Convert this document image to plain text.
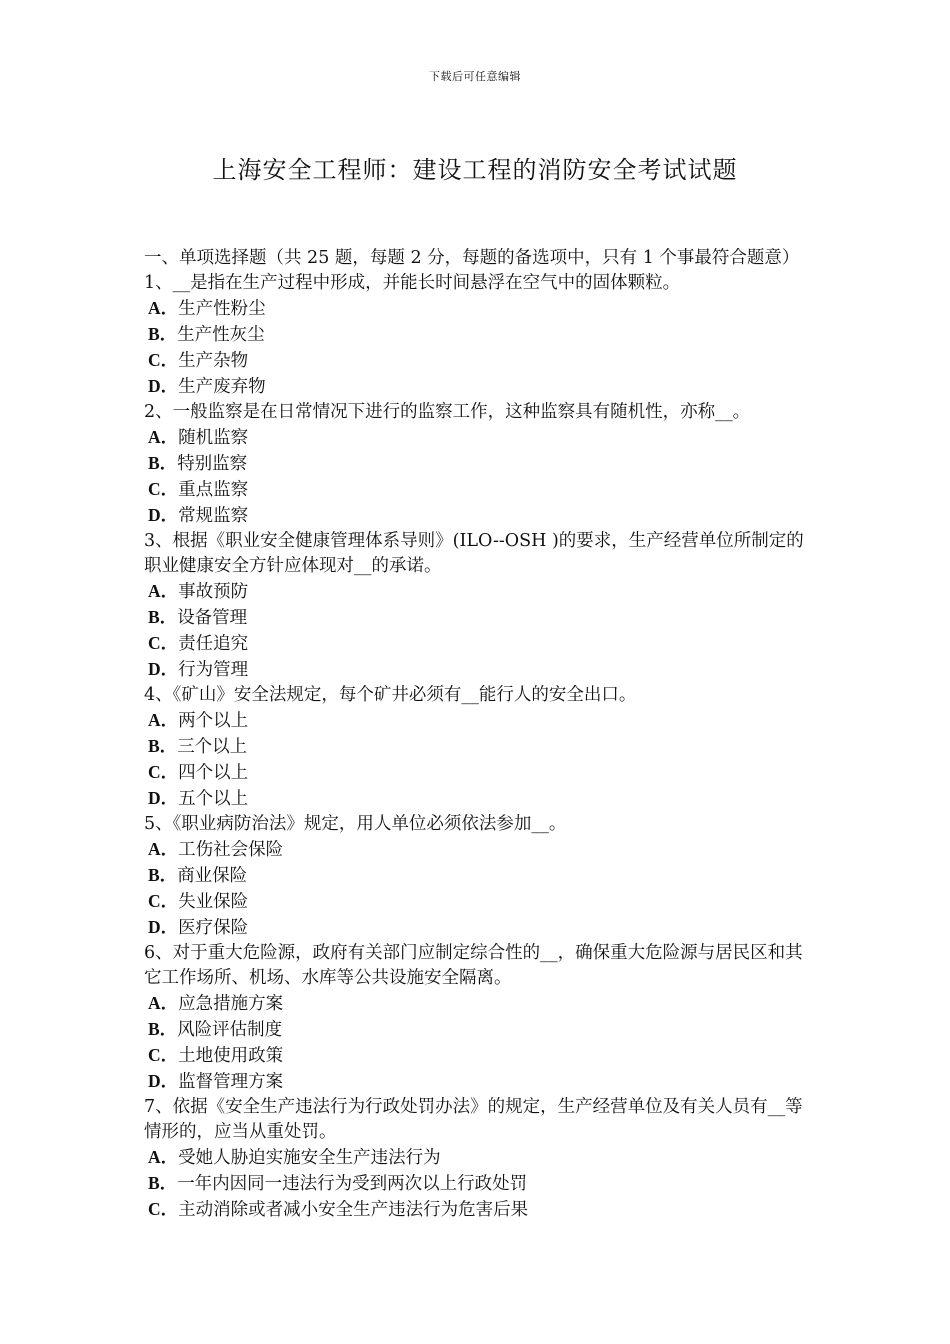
下载后可任意编辑
上海安全工程师：建设工程的消防安全考试试题

一、单项选择题（共 25 题，每题 2 分，每题的备选项中，只有 1 个事最符合题意）

1、__是指在生产过程中形成，并能长时间悬浮在空气中的固体颗粒。

A．生产性粉尘

B．生产性灰尘

C．生产杂物

D．生产废弃物

2、一般监察是在日常情况下进行的监察工作，这种监察具有随机性，亦称__。

A．随机监察

B．特别监察

C．重点监察

D．常规监察

3、根据《职业安全健康管理体系导则》(ILO--OSH )的要求，生产经营单位所制定的职业健康安全方针应体现对__的承诺。

A．事故预防

B．设备管理

C．责任追究

D．行为管理

4、《矿山》安全法规定，每个矿井必须有__能行人的安全出口。

A．两个以上

B．三个以上

C．四个以上

D．五个以上

5、《职业病防治法》规定，用人单位必须依法参加__。

A．工伤社会保险

B．商业保险

C．失业保险

D．医疗保险

6、对于重大危险源，政府有关部门应制定综合性的__，确保重大危险源与居民区和其它工作场所、机场、水库等公共设施安全隔离。

A．应急措施方案

B．风险评估制度

C．土地使用政策

D．监督管理方案

7、依据《安全生产违法行为行政处罚办法》的规定，生产经营单位及有关人员有__等情形的，应当从重处罚。

A．受她人胁迫实施安全生产违法行为

B．一年内因同一违法行为受到两次以上行政处罚

C．主动消除或者减小安全生产违法行为危害后果
